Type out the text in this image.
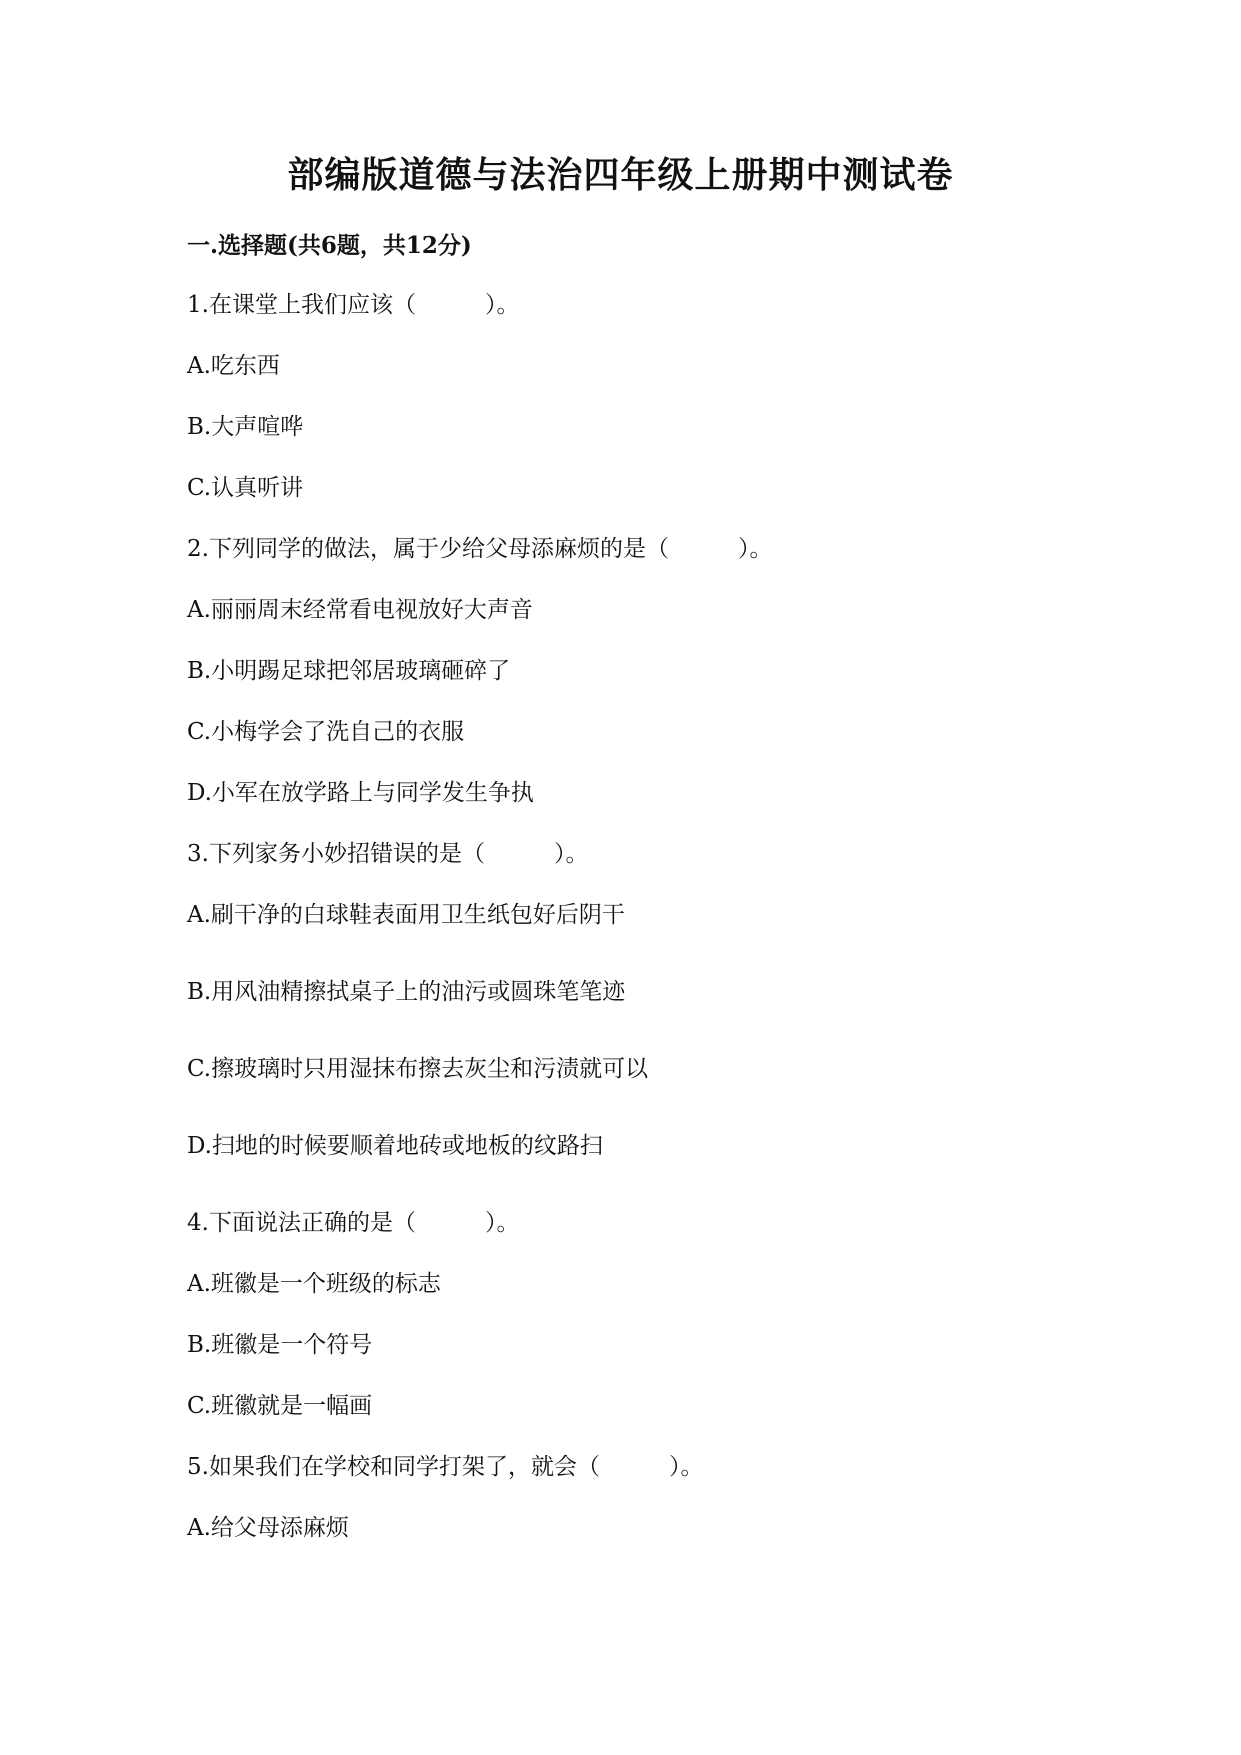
部编版道德与法治四年级上册期中测试卷
一.选择题(共6题，共12分)

1.在课堂上我们应该（　　　）。

A.吃东西

B.大声喧哗

C.认真听讲

2.下列同学的做法，属于少给父母添麻烦的是（　　　）。

A.丽丽周末经常看电视放好大声音

B.小明踢足球把邻居玻璃砸碎了

C.小梅学会了洗自己的衣服

D.小军在放学路上与同学发生争执

3.下列家务小妙招错误的是（　　　）。

A.刷干净的白球鞋表面用卫生纸包好后阴干

B.用风油精擦拭桌子上的油污或圆珠笔笔迹

C.擦玻璃时只用湿抹布擦去灰尘和污渍就可以

D.扫地的时候要顺着地砖或地板的纹路扫

4.下面说法正确的是（　　　）。

A.班徽是一个班级的标志

B.班徽是一个符号

C.班徽就是一幅画

5.如果我们在学校和同学打架了，就会（　　　）。

A.给父母添麻烦
